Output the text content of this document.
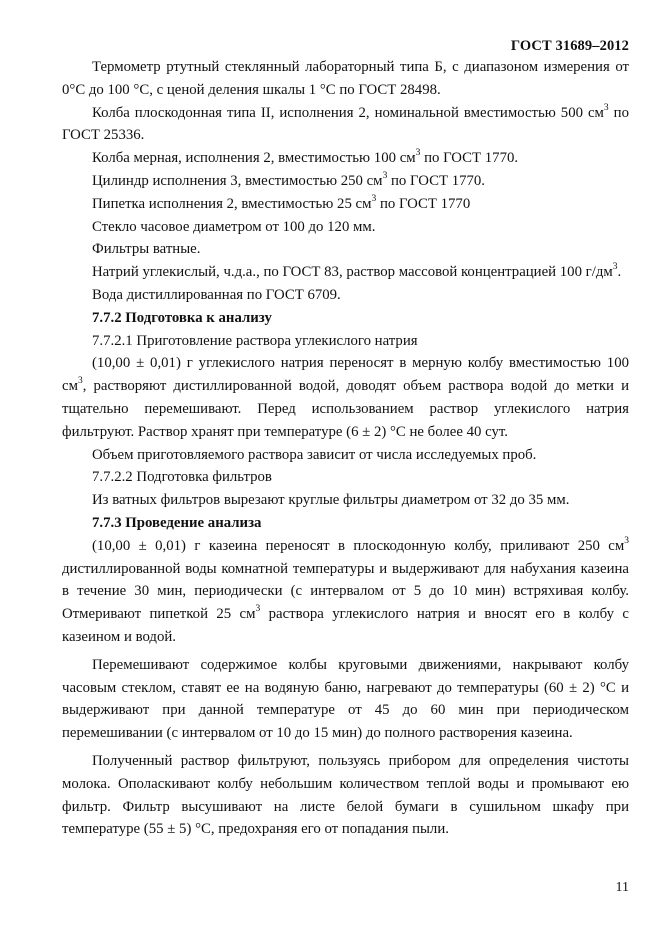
ГОСТ 31689–2012

Термометр ртутный стеклянный лабораторный типа Б, с диапазоном измерения от 0°С до 100 °С, с ценой деления шкалы 1 °С по ГОСТ 28498.

Колба плоскодонная типа II, исполнения 2, номинальной вместимостью 500 $см^3$ по ГОСТ 25336.

Колба мерная, исполнения 2, вместимостью 100 $см^3$ по ГОСТ 1770.

Цилиндр исполнения 3, вместимостью 250 $см^3$ по ГОСТ 1770.

Пипетка исполнения 2, вместимостью 25 $см^3$ по ГОСТ 1770

Стекло часовое диаметром от 100 до 120 мм.

Фильтры ватные.

Натрий углекислый, ч.д.а., по ГОСТ 83, раствор массовой концентрацией 100 $г/дм^3$.

Вода дистиллированная по ГОСТ 6709.

7.7.2 Подготовка к анализу

7.7.2.1 Приготовление раствора углекислого натрия

(10,00 ± 0,01) г углекислого натрия переносят в мерную колбу вместимостью 100 $см^3$, растворяют дистиллированной водой, доводят объем раствора водой до метки и тщательно перемешивают. Перед использованием раствор углекислого натрия фильтруют. Раствор хранят при температуре (6 ± 2) °С не более 40 сут.

Объем приготовляемого раствора зависит от числа исследуемых проб.

7.7.2.2 Подготовка фильтров

Из ватных фильтров вырезают круглые фильтры диаметром от 32 до 35 мм.

7.7.3 Проведение анализа

(10,00 ± 0,01) г казеина переносят в плоскодонную колбу, приливают 250 $см^3$ дистиллированной воды комнатной температуры и выдерживают для набухания казеина в течение 30 мин, периодически (с интервалом от 5 до 10 мин) встряхивая колбу. Отмеривают пипеткой 25 $см^3$ раствора углекислого натрия и вносят его в колбу с казеином и водой.

Перемешивают содержимое колбы круговыми движениями, накрывают колбу часовым стеклом, ставят ее на водяную баню, нагревают до температуры (60 ± 2) °С и выдерживают при данной температуре от 45 до 60 мин при периодическом перемешивании (с интервалом от 10 до 15 мин) до полного растворения казеина.

Полученный раствор фильтруют, пользуясь прибором для определения чистоты молока. Ополаскивают колбу небольшим количеством теплой воды и промывают ею фильтр. Фильтр высушивают на листе белой бумаги в сушильном шкафу при температуре (55 ± 5) °С, предохраняя его от попадания пыли.

11
